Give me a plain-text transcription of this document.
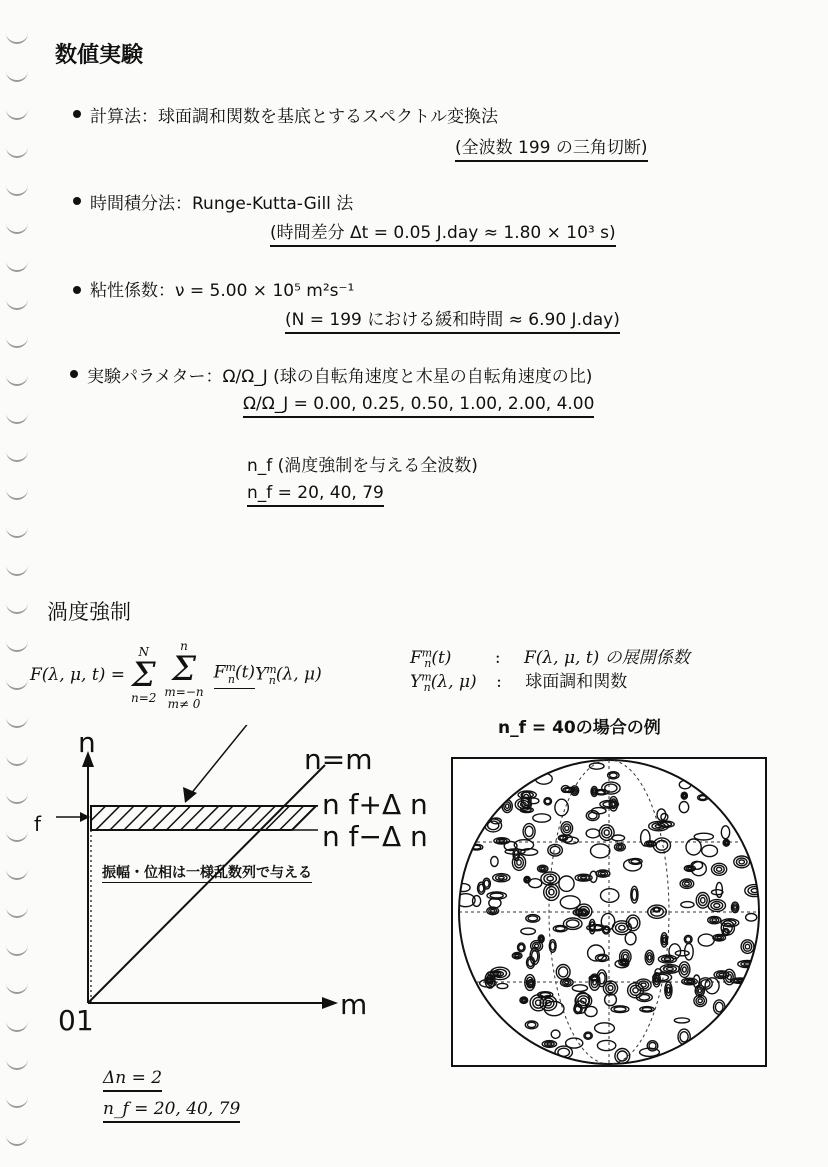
数値実験
計算法：球面調和関数を基底とするスペクトル変換法
(全波数 199 の三角切断)
時間積分法：Runge-Kutta-Gill 法
(時間差分 Δt = 0.05 J.day ≈ 1.80 × 10³ s)
粘性係数：ν = 5.00 × 10⁵ m²s⁻¹
(N = 199 における緩和時間 ≈ 6.90 J.day)
実験パラメター：Ω/Ω_J (球の自転角速度と木星の自転角速度の比)
Ω/Ω_J = 0.00, 0.25, 0.50, 1.00, 2.00, 4.00
n_f (渦度強制を与える全波数)
n_f = 20, 40, 79
渦度強制
F(λ, μ, t) =
N
Σ
n=2
n
Σ
m=−n
m≠ 0
$F^m_n(t)$ $Y^m_n(\lambda$, μ)
$F^m_n(t)$	: F(λ, μ, t) の展開係数
$Y^m_n(\lambda$, μ) : 球面調和関数
n_f = 40の場合の例
n
n=m
n f+Δ n
n f−Δ n
f
振幅・位相は一様乱数列で与える
01	m
Δn = 2
n_f = 20, 40, 79
